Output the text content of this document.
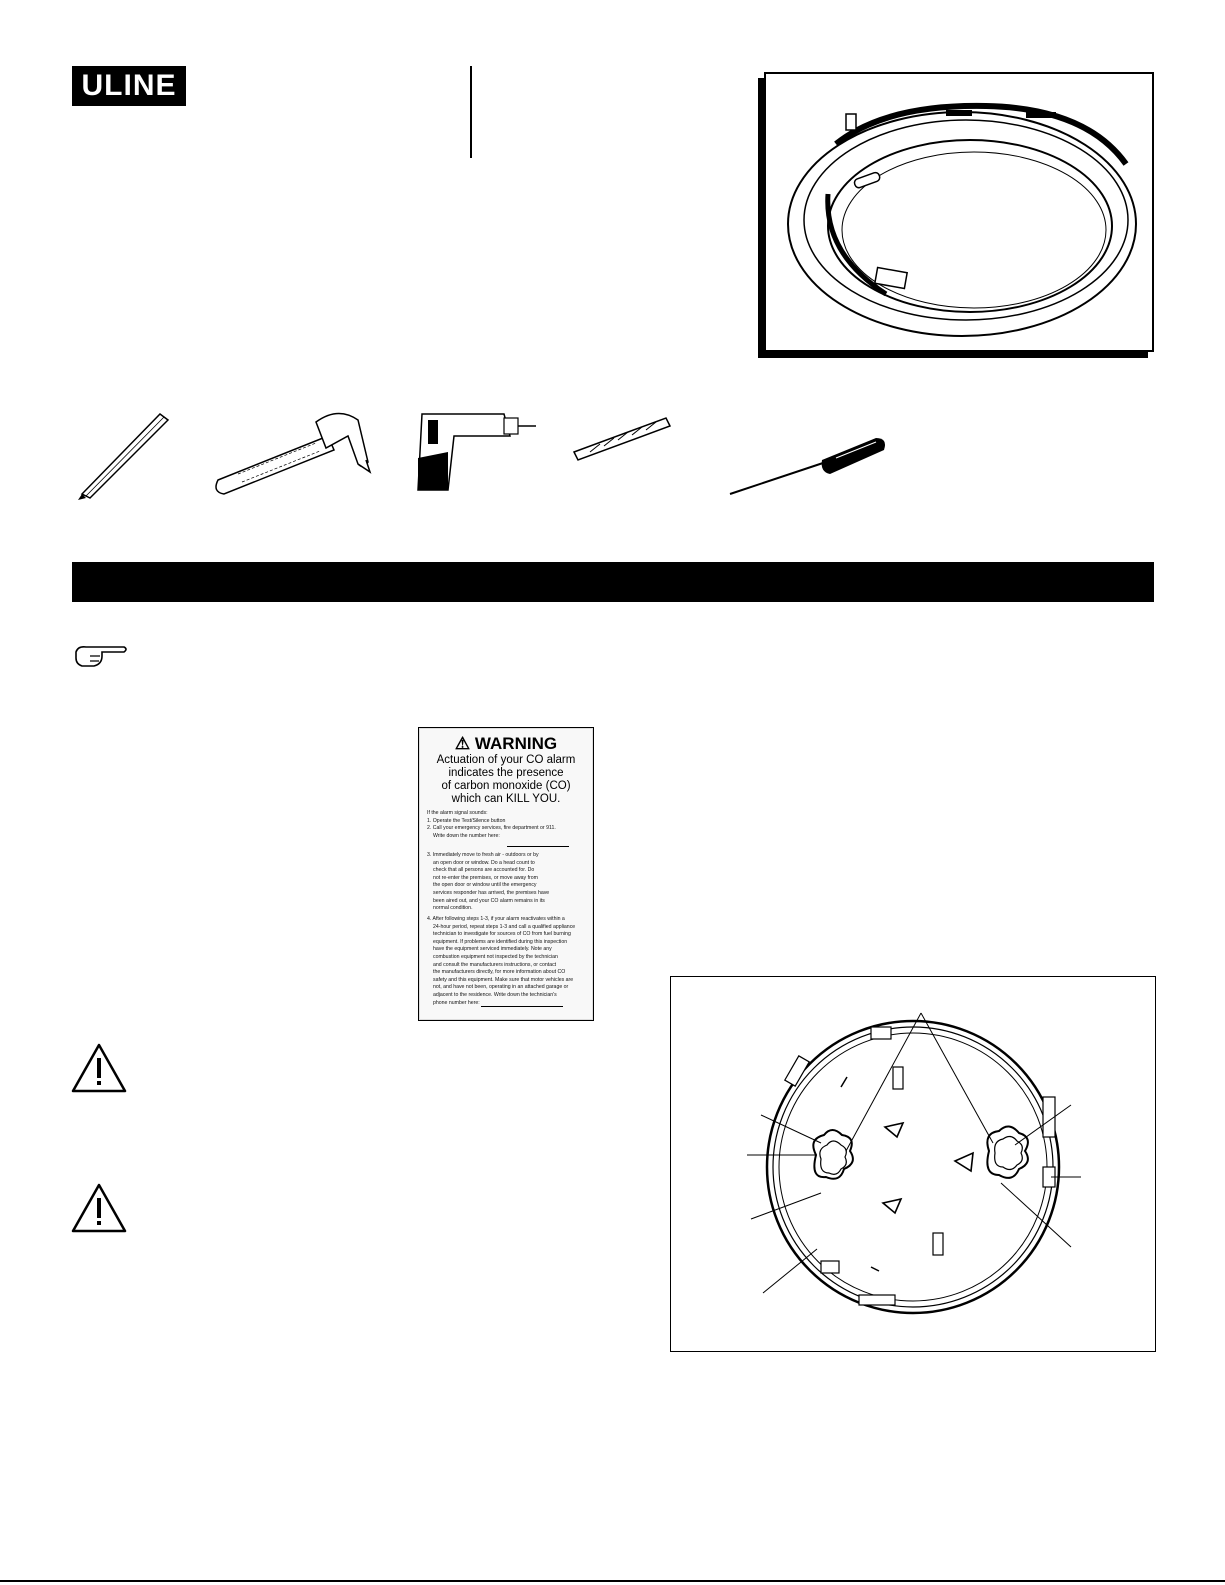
ULINE
⚠ WARNING
Actuation of your CO alarm
indicates the presence
of carbon monoxide (CO)
which can KILL YOU.

If the alarm signal sounds:

1. Operate the Test/Silence button

2. Call your emergency services, fire department or 911.

Write down the number here:

3. Immediately move to fresh air - outdoors or by

an open door or window. Do a head count to

check that all persons are accounted for. Do

not re-enter the premises, or move away from

the open door or window until the emergency

services responder has arrived, the premises have

been aired out, and your CO alarm remains in its

normal condition.

4. After following steps 1-3, if your alarm reactivates within a

24-hour period, repeat steps 1-3 and call a qualified appliance

technician to investigate for sources of CO from fuel burning

equipment. If problems are identified during this inspection

have the equipment serviced immediately. Note any

combustion equipment not inspected by the technician

and consult the manufacturers instructions, or contact

the manufacturers directly, for more information about CO

safety and this equipment. Make sure that motor vehicles are

not, and have not been, operating in an attached garage or

adjacent to the residence. Write down the technician's

phone number here:
